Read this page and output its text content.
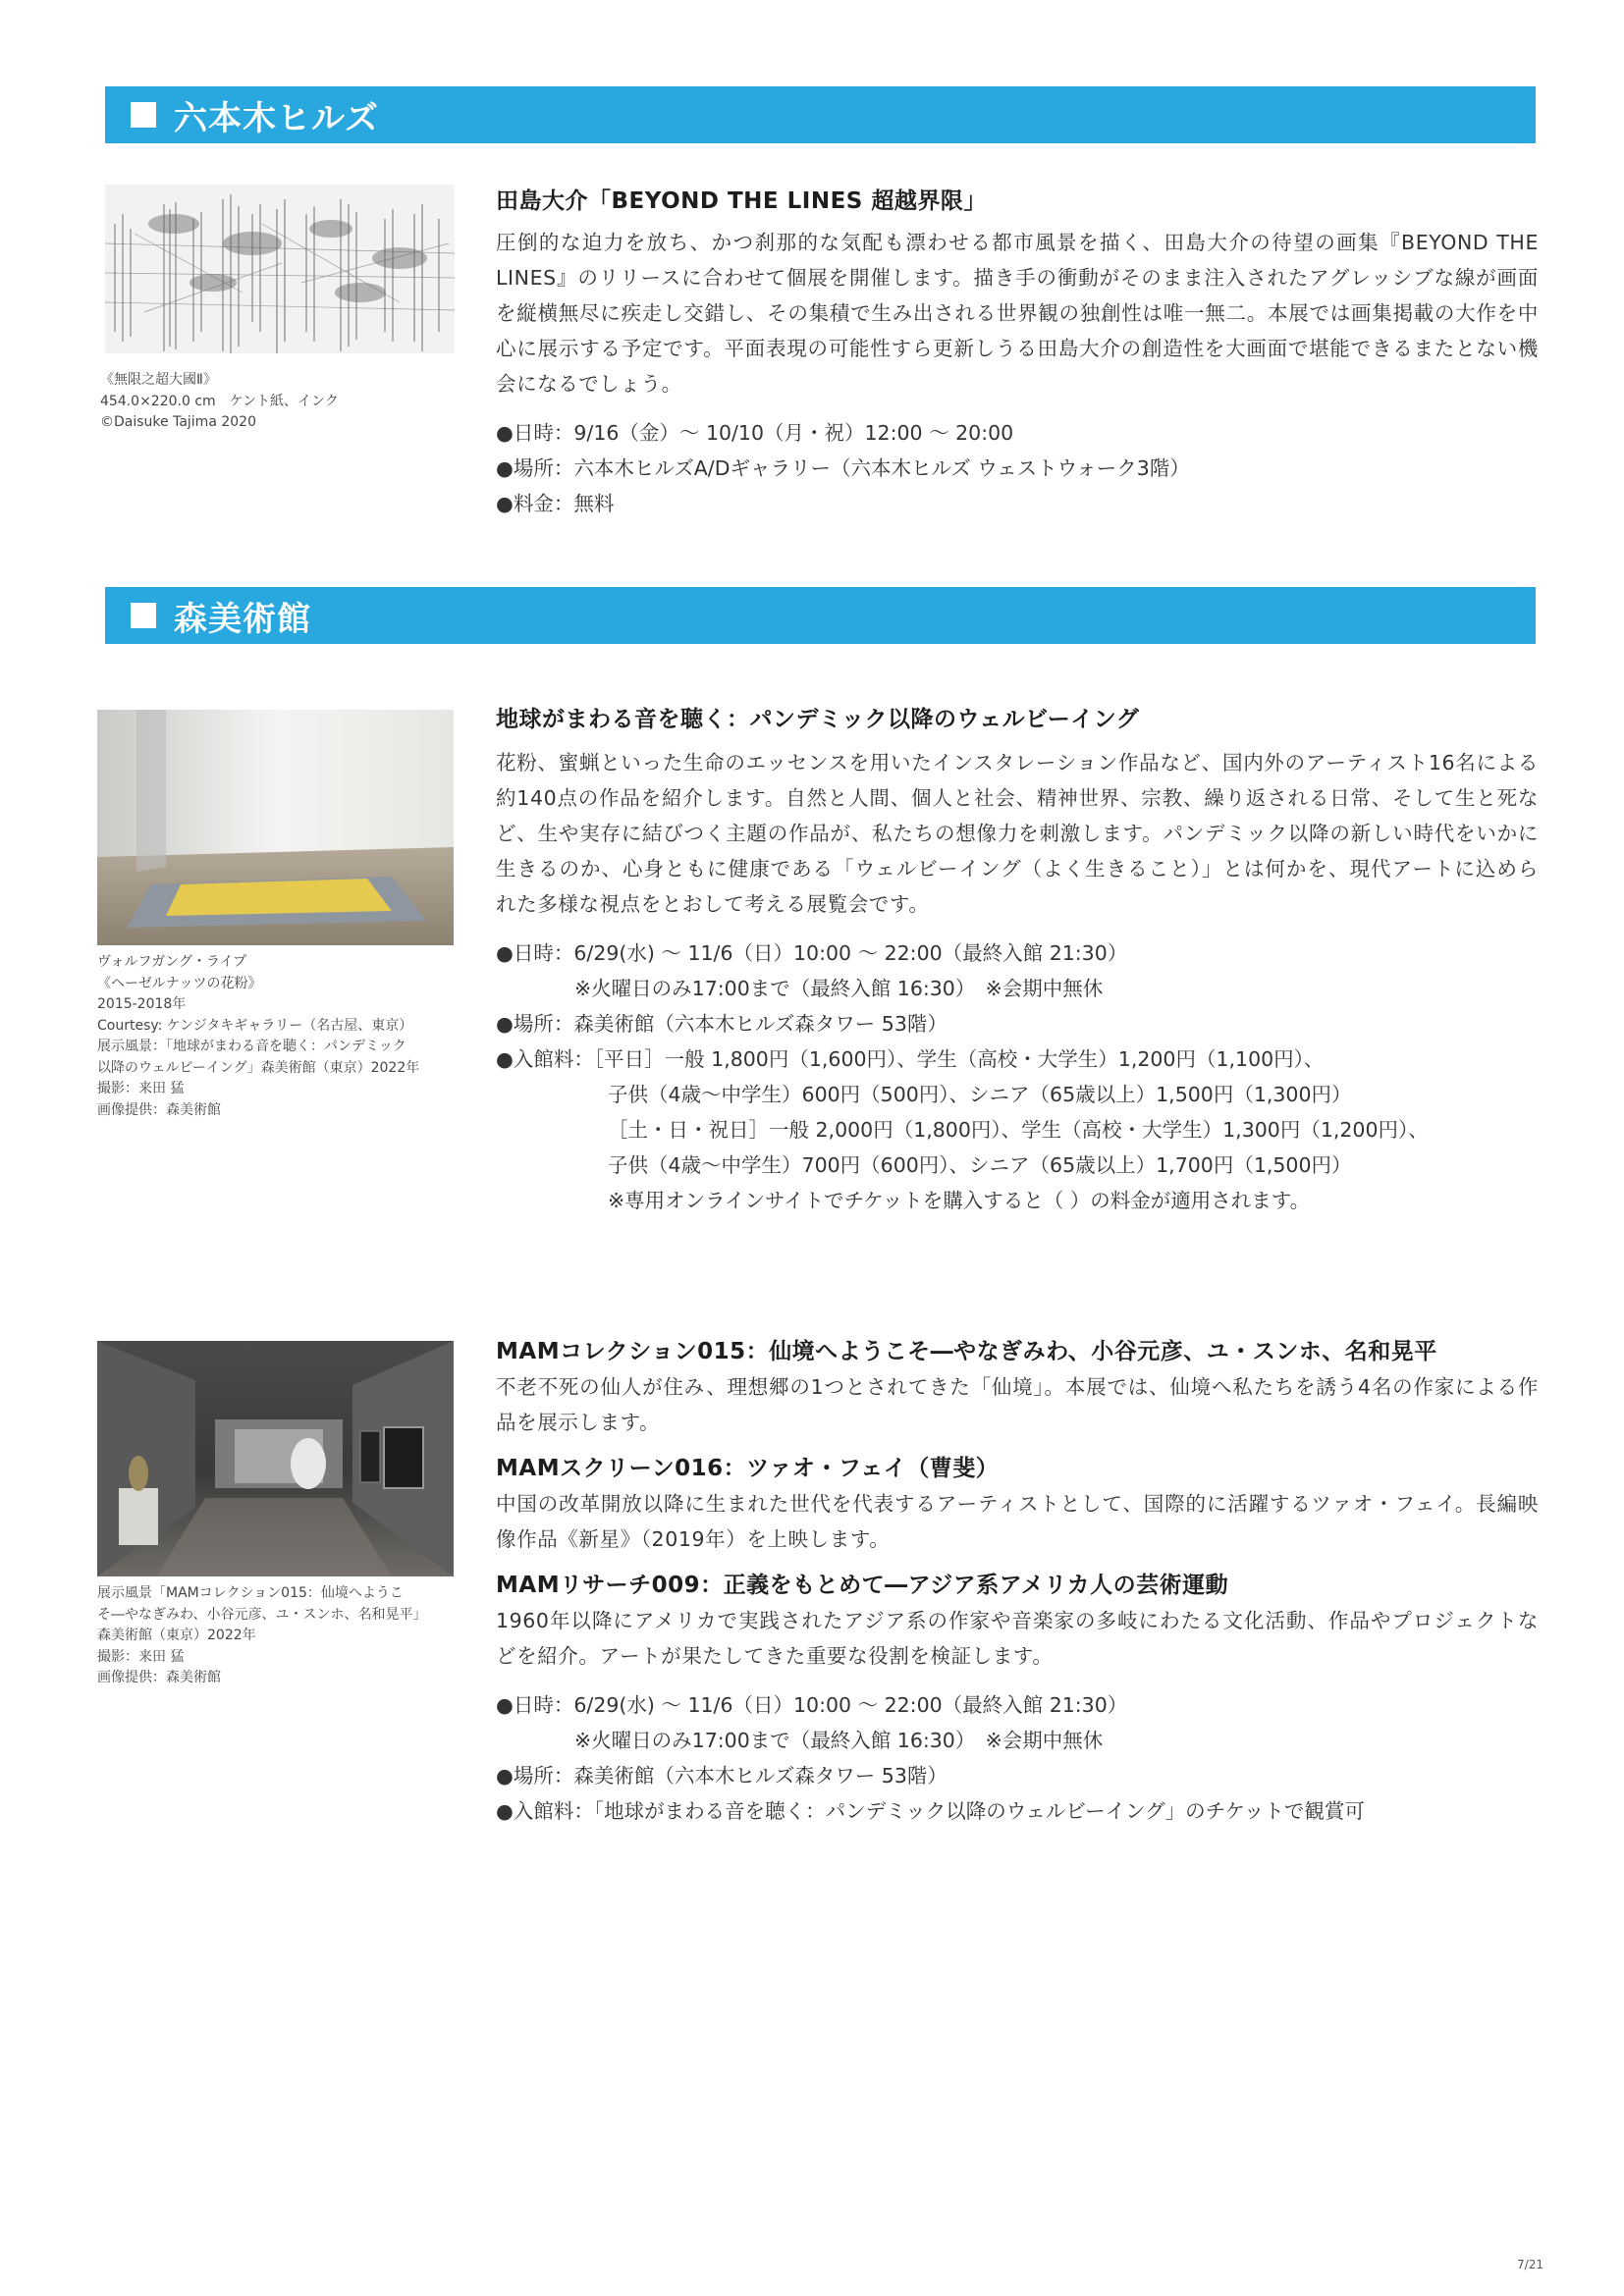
六本木ヒルズ
《無限之超大國Ⅱ》
454.0×220.0 cm　ケント紙、インク
©Daisuke Tajima 2020
田島大介「BEYOND THE LINES 超越界限」
圧倒的な迫力を放ち、かつ刹那的な気配も漂わせる都市風景を描く、田島大介の待望の画集『BEYOND THE LINES』のリリースに合わせて個展を開催します。描き手の衝動がそのまま注入されたアグレッシブな線が画面を縦横無尽に疾走し交錯し、その集積で生み出される世界観の独創性は唯一無二。本展では画集掲載の大作を中心に展示する予定です。平面表現の可能性すら更新しうる田島大介の創造性を大画面で堪能できるまたとない機会になるでしょう。
●日時：9/16（金）～ 10/10（月・祝）12:00 ～ 20:00
●場所：六本木ヒルズA/Dギャラリー（六本木ヒルズ ウェストウォーク3階）
●料金：無料
森美術館
ヴォルフガング・ライプ
《ヘーゼルナッツの花粉》
2015-2018年
Courtesy: ケンジタキギャラリー（名古屋、東京）
展示風景：「地球がまわる音を聴く：パンデミック
以降のウェルビーイング」森美術館（東京）2022年
撮影：来田 猛
画像提供：森美術館
地球がまわる音を聴く：パンデミック以降のウェルビーイング
花粉、蜜蝋といった生命のエッセンスを用いたインスタレーション作品など、国内外のアーティスト16名による約140点の作品を紹介します。自然と人間、個人と社会、精神世界、宗教、繰り返される日常、そして生と死など、生や実存に結びつく主題の作品が、私たちの想像力を刺激します。パンデミック以降の新しい時代をいかに生きるのか、心身ともに健康である「ウェルビーイング（よく生きること）」とは何かを、現代アートに込められた多様な視点をとおして考える展覧会です。
●日時：6/29(水) ～ 11/6（日）10:00 ～ 22:00（最終入館 21:30）
※火曜日のみ17:00まで（最終入館 16:30）　※会期中無休
●場所：森美術館（六本木ヒルズ森タワー 53階）
●入館料：［平日］一般 1,800円（1,600円）、学生（高校・大学生）1,200円（1,100円）、
子供（4歳～中学生）600円（500円）、シニア（65歳以上）1,500円（1,300円）
［土・日・祝日］一般 2,000円（1,800円）、学生（高校・大学生）1,300円（1,200円）、
子供（4歳～中学生）700円（600円）、シニア（65歳以上）1,700円（1,500円）
※専用オンラインサイトでチケットを購入すると（ ）の料金が適用されます。
展示風景「MAMコレクション015：仙境へようこ
そ―やなぎみわ、小谷元彦、ユ・スンホ、名和晃平」
森美術館（東京）2022年
撮影：来田 猛
画像提供：森美術館
MAMコレクション015：仙境へようこそ―やなぎみわ、小谷元彦、ユ・スンホ、名和晃平
不老不死の仙人が住み、理想郷の1つとされてきた「仙境」。本展では、仙境へ私たちを誘う4名の作家による作品を展示します。
MAMスクリーン016：ツァオ・フェイ（曹斐）
中国の改革開放以降に生まれた世代を代表するアーティストとして、国際的に活躍するツァオ・フェイ。長編映像作品《新星》（2019年）を上映します。
MAMリサーチ009：正義をもとめて―アジア系アメリカ人の芸術運動
1960年以降にアメリカで実践されたアジア系の作家や音楽家の多岐にわたる文化活動、作品やプロジェクトなどを紹介。アートが果たしてきた重要な役割を検証します。
●日時：6/29(水) ～ 11/6（日）10:00 ～ 22:00（最終入館 21:30）
※火曜日のみ17:00まで（最終入館 16:30）　※会期中無休
●場所：森美術館（六本木ヒルズ森タワー 53階）
●入館料：「地球がまわる音を聴く：パンデミック以降のウェルビーイング」のチケットで観賞可
7/21
